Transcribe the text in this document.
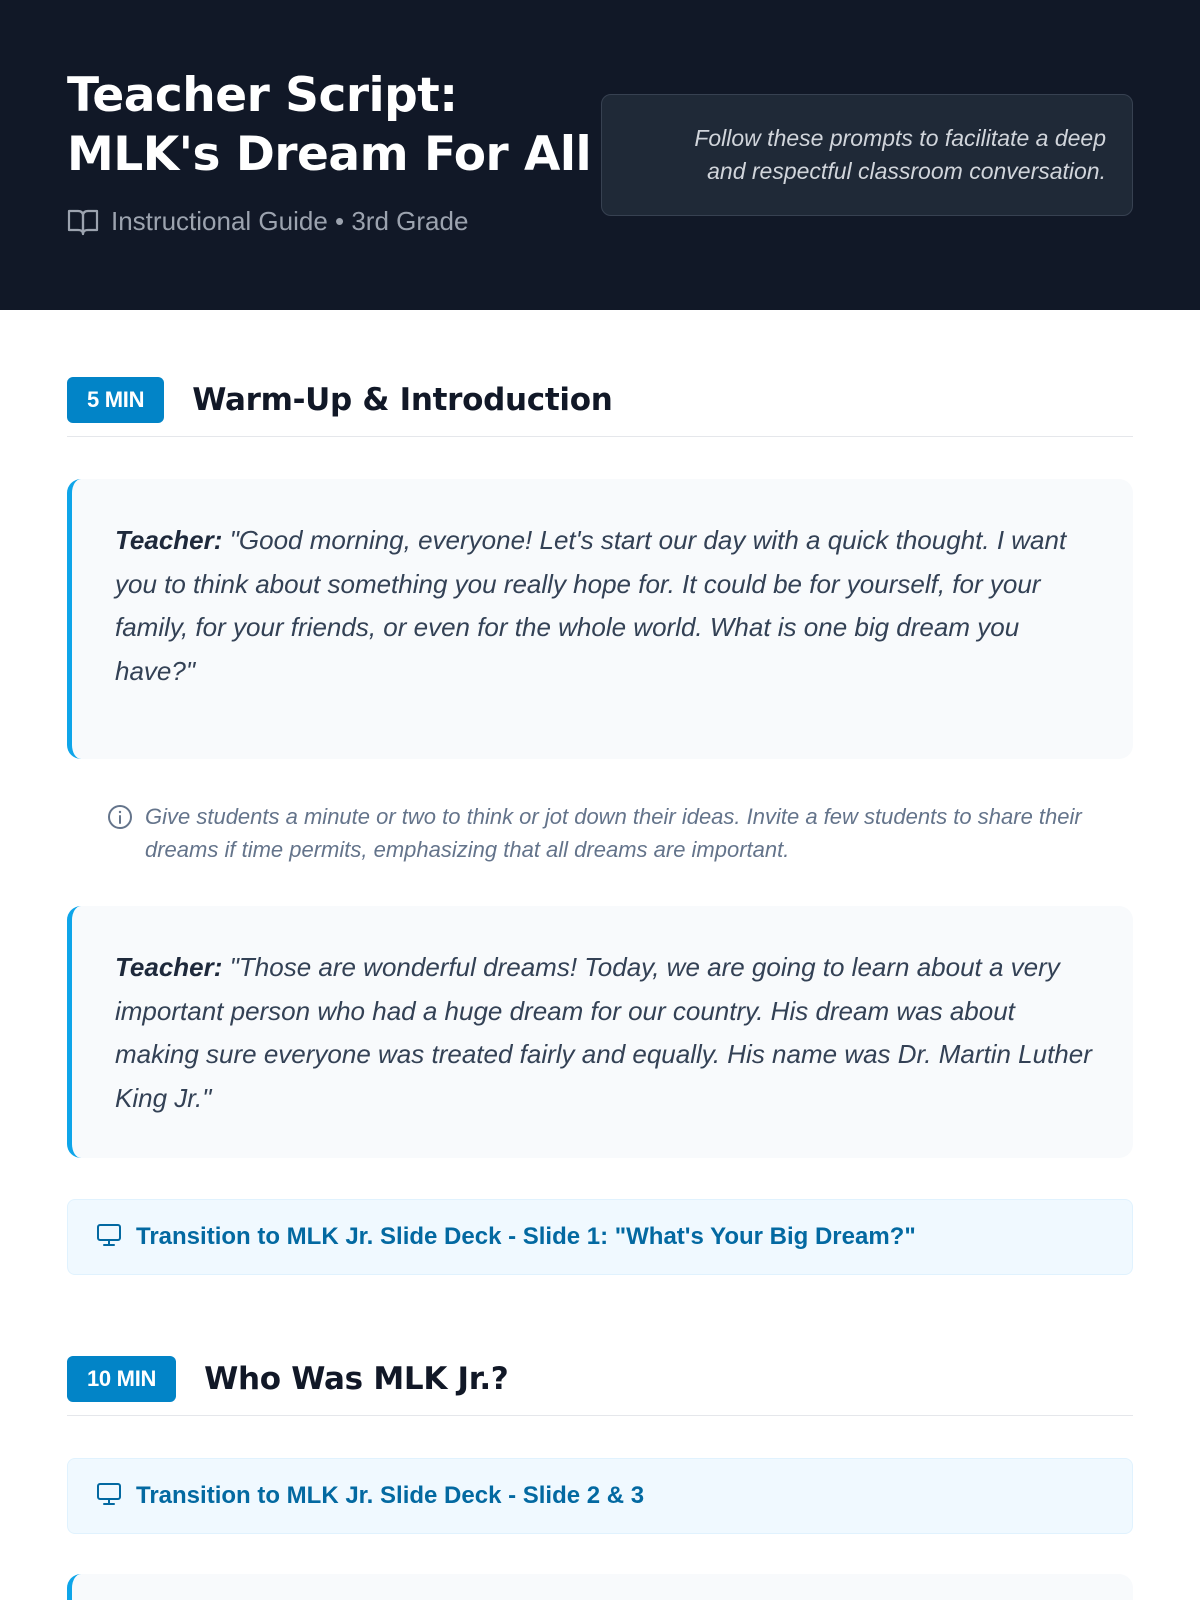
Teacher Script:
MLK's Dream For All
Instructional Guide • 3rd Grade
Follow these prompts to facilitate a deep
and respectful classroom conversation.
5 MIN	Warm-Up & Introduction

Teacher: "Good morning, everyone! Let's start our day with a quick thought. I want you to think about something you really hope for. It could be for yourself, for your family, for your friends, or even for the whole world. What is one big dream you have?"

Give students a minute or two to think or jot down their ideas. Invite a few students to share their dreams if time permits, emphasizing that all dreams are important.

Teacher: "Those are wonderful dreams! Today, we are going to learn about a very important person who had a huge dream for our country. His dream was about making sure everyone was treated fairly and equally. His name was Dr. Martin Luther King Jr."

Transition to MLK Jr. Slide Deck - Slide 1: "What's Your Big Dream?"
10 MIN	Who Was MLK Jr.?
Transition to MLK Jr. Slide Deck - Slide 2 & 3
